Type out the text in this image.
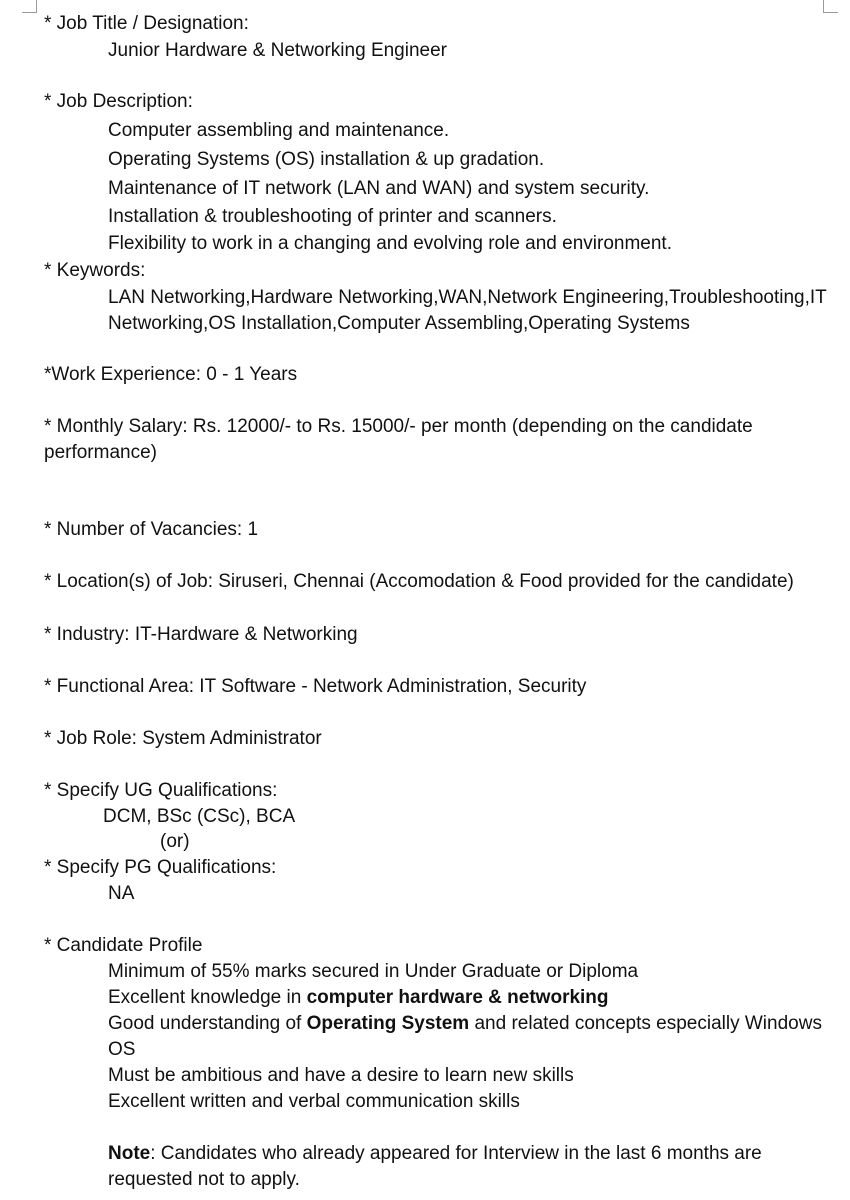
* Job Title / Designation:
Junior Hardware & Networking Engineer
* Job Description:
Computer assembling and maintenance.
Operating Systems (OS) installation & up gradation.
Maintenance of IT network (LAN and WAN) and system security.
Installation & troubleshooting of printer and scanners.
Flexibility to work in a changing and evolving role and environment.
* Keywords:
LAN Networking,Hardware Networking,WAN,Network Engineering,Troubleshooting,IT
Networking,OS Installation,Computer Assembling,Operating Systems
*Work Experience: 0 - 1 Years
* Monthly Salary: Rs. 12000/- to Rs. 15000/- per month (depending on the candidate
performance)
* Number of Vacancies: 1
* Location(s) of Job: Siruseri, Chennai (Accomodation & Food provided for the candidate)
* Industry: IT-Hardware & Networking
* Functional Area: IT Software - Network Administration, Security
* Job Role: System Administrator
* Specify UG Qualifications:
DCM, BSc (CSc), BCA
(or)
* Specify PG Qualifications:
NA
* Candidate Profile
Minimum of 55% marks secured in Under Graduate or Diploma
Excellent knowledge in computer hardware & networking
Good understanding of Operating System and related concepts especially Windows
OS
Must be ambitious and have a desire to learn new skills
Excellent written and verbal communication skills
Note: Candidates who already appeared for Interview in the last 6 months are
requested not to apply.
